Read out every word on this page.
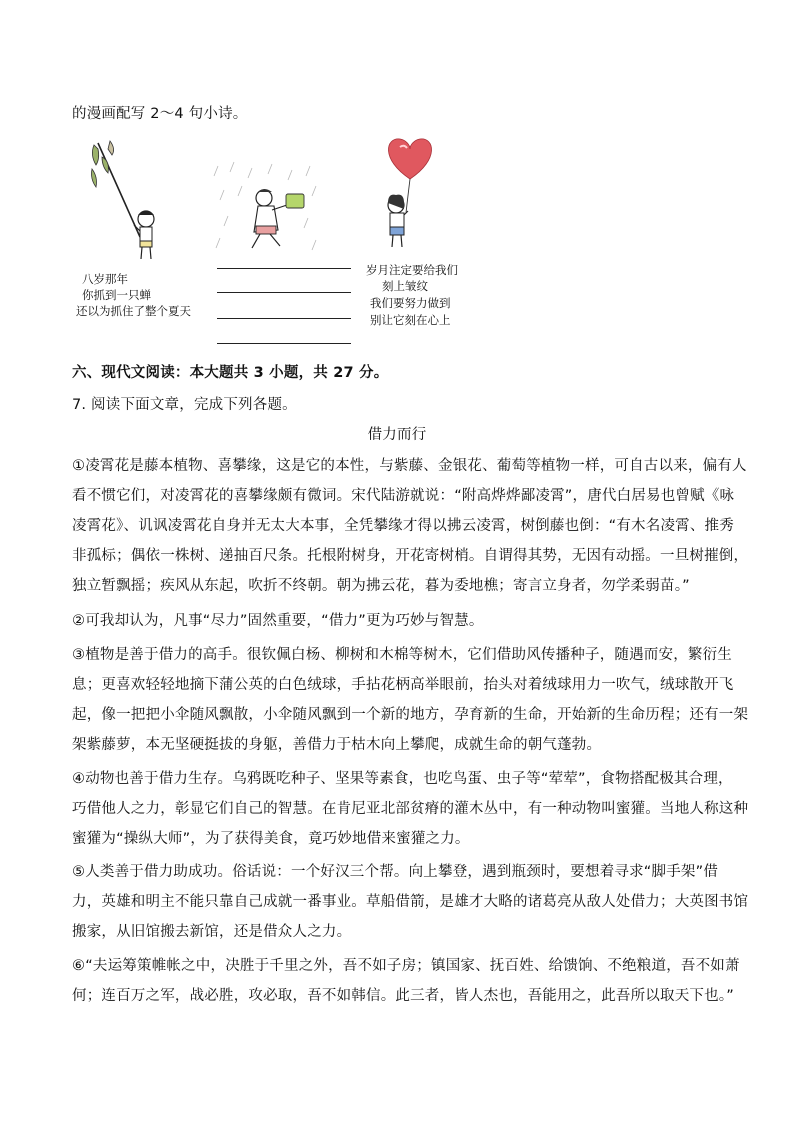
的漫画配写 2～4 句小诗。
八岁那年
你抓到一只蝉
还以为抓住了整个夏天
岁月注定要给我们
刻上皱纹
我们要努力做到
别让它刻在心上
六、现代文阅读：本大题共 3 小题，共 27 分。
7. 阅读下面文章，完成下列各题。
借力而行
①凌霄花是藤本植物、喜攀缘，这是它的本性，与紫藤、金银花、葡萄等植物一样，可自古以来，偏有人
看不惯它们，对凌霄花的喜攀缘颇有微词。宋代陆游就说：“附高烨烨鄙凌霄”，唐代白居易也曾赋《咏
凌霄花》、讥讽凌霄花自身并无太大本事，全凭攀缘才得以拂云凌霄，树倒藤也倒：“有木名凌霄、推秀
非孤标；偶依一株树、递抽百尺条。托根附树身，开花寄树梢。自谓得其势，无因有动摇。一旦树摧倒，
独立暂飘摇；疾风从东起，吹折不终朝。朝为拂云花，暮为委地樵；寄言立身者，勿学柔弱苗。”
②可我却认为，凡事“尽力”固然重要，“借力”更为巧妙与智慧。
③植物是善于借力的高手。很钦佩白杨、柳树和木棉等树木，它们借助风传播种子，随遇而安，繁衍生
息；更喜欢轻轻地摘下蒲公英的白色绒球，手拈花柄高举眼前，抬头对着绒球用力一吹气，绒球散开飞
起，像一把把小伞随风飘散，小伞随风飘到一个新的地方，孕育新的生命，开始新的生命历程；还有一架
架紫藤萝，本无坚硬挺拔的身躯，善借力于枯木向上攀爬，成就生命的朝气蓬勃。
④动物也善于借力生存。乌鸦既吃种子、坚果等素食，也吃鸟蛋、虫子等“荤荤”，食物搭配极其合理，
巧借他人之力，彰显它们自己的智慧。在肯尼亚北部贫瘠的灌木丛中，有一种动物叫蜜獾。当地人称这种
蜜獾为“操纵大师”，为了获得美食，竟巧妙地借来蜜獾之力。
⑤人类善于借力助成功。俗话说：一个好汉三个帮。向上攀登，遇到瓶颈时，要想着寻求“脚手架”借
力，英雄和明主不能只靠自己成就一番事业。草船借箭，是雄才大略的诸葛亮从敌人处借力；大英图书馆
搬家，从旧馆搬去新馆，还是借众人之力。
⑥“夫运筹策帷帐之中，决胜于千里之外，吾不如子房；镇国家、抚百姓、给馈饷、不绝粮道，吾不如萧
何；连百万之军，战必胜，攻必取，吾不如韩信。此三者，皆人杰也，吾能用之，此吾所以取天下也。”
